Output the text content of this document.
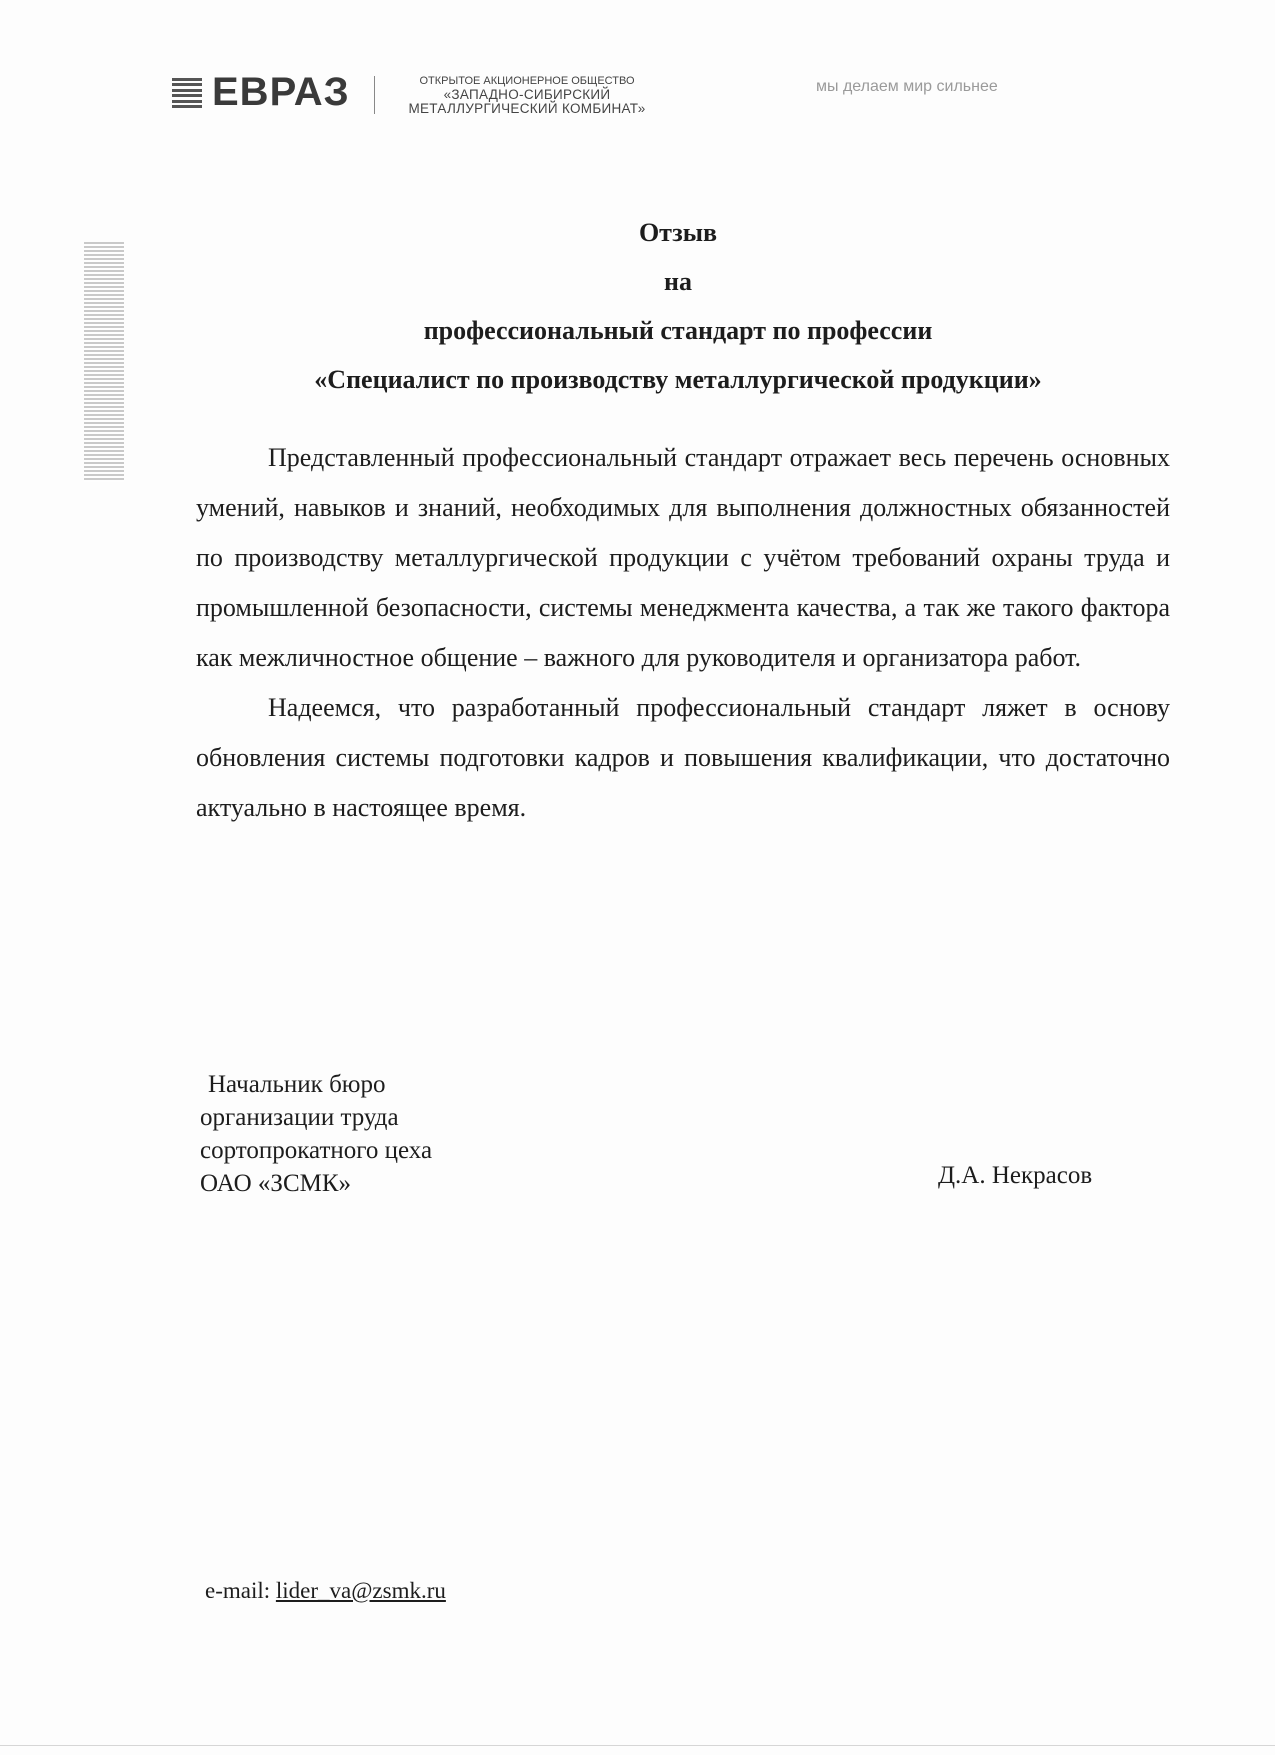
ЕВРАЗ	ОТКРЫТОЕ АКЦИОНЕРНОЕ ОБЩЕСТВО
«ЗАПАДНО-СИБИРСКИЙ
МЕТАЛЛУРГИЧЕСКИЙ КОМБИНАТ»
мы делаем мир сильнее
Отзыв
на
профессиональный стандарт по профессии
«Специалист по производству металлургической продукции»

Представленный профессиональный стандарт отражает весь перечень основных умений, навыков и знаний, необходимых для выполнения должностных обязанностей по производству металлургической продукции с учётом требований охраны труда и промышленной безопасности, системы менеджмента качества, а так же такого фактора как межличностное общение – важного для руководителя и организатора работ.

Надеемся, что разработанный профессиональный стандарт ляжет в основу обновления системы подготовки кадров и повышения квалификации, что достаточно актуально в настоящее время.

Начальник бюро
организации труда
сортопрокатного цеха
ОАО «ЗСМК»	Д.А. Некрасов
e-mail: lider_va@zsmk.ru
